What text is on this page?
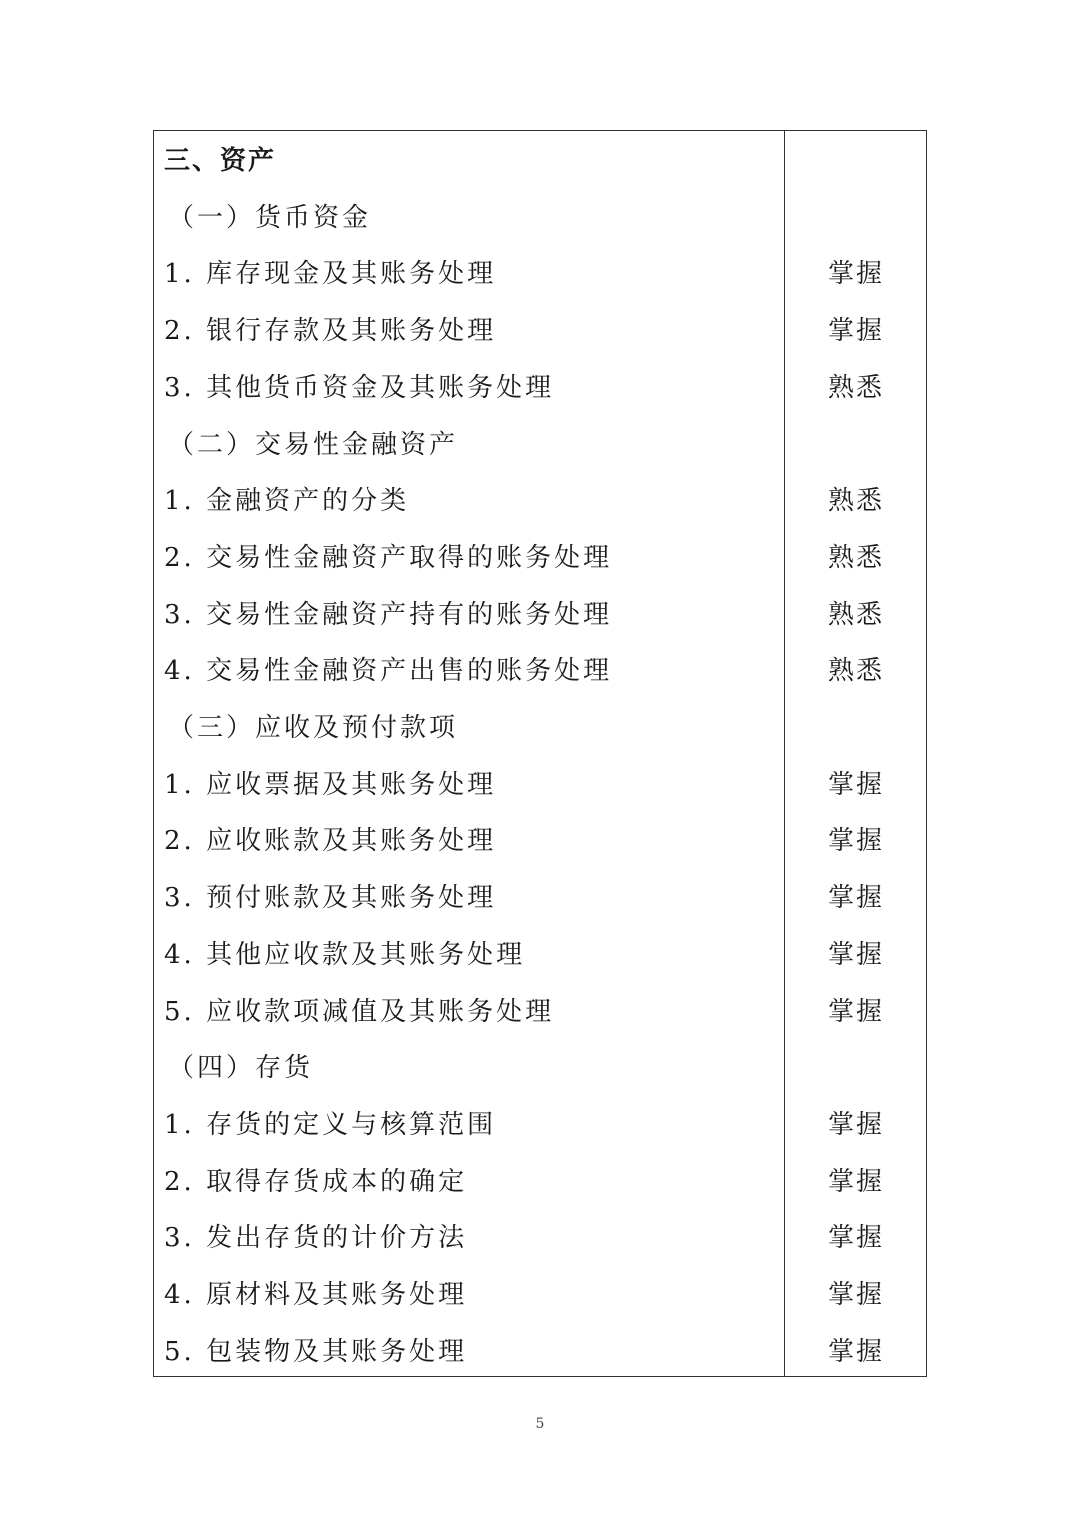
三、资产
（一）货币资金
1. 库存现金及其账务处理	掌握
2. 银行存款及其账务处理	掌握
3. 其他货币资金及其账务处理	熟悉
（二）交易性金融资产
1. 金融资产的分类	熟悉
2. 交易性金融资产取得的账务处理	熟悉
3. 交易性金融资产持有的账务处理	熟悉
4. 交易性金融资产出售的账务处理	熟悉
（三）应收及预付款项
1. 应收票据及其账务处理	掌握
2. 应收账款及其账务处理	掌握
3. 预付账款及其账务处理	掌握
4. 其他应收款及其账务处理	掌握
5. 应收款项减值及其账务处理	掌握
（四）存货
1. 存货的定义与核算范围	掌握
2. 取得存货成本的确定	掌握
3. 发出存货的计价方法	掌握
4. 原材料及其账务处理	掌握
5. 包装物及其账务处理	掌握
5
